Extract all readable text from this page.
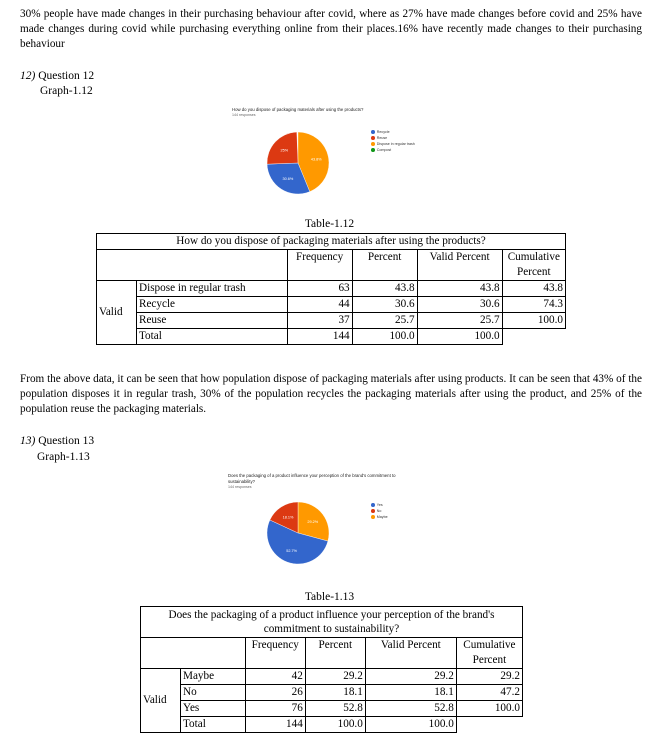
30% people have made changes in their purchasing behaviour after covid, where as 27% have made changes before covid and 25% have made changes during covid while purchasing everything online from their places.16% have recently made changes to their purchasing behaviour
12) Question 12
Graph-1.12
How do you dispose of packaging materials after using the products?
144 responses
43.8%
30.6%
25%
Recycle
Reuse
Dispose in regular trash
Compost
Table-1.12
How do you dispose of packaging materials after using the products?					
		Frequency	Percent	Valid Percent	Cumulative
					Percent
Valid	Dispose in regular trash	63	43.8	43.8	43.8
	Recycle	44	30.6	30.6	74.3
	Reuse	37	25.7	25.7	100.0
	Total	144	100.0	100.0	
From the above data, it can be seen that how population dispose of packaging materials after using products. It can be seen that 43% of the population disposes it in regular trash, 30% of the population recycles the packaging materials after using the product, and 25% of the population reuse the packaging materials.
13) Question 13
Graph-1.13
Does the packaging of a product influence your perception of the brand's commitment to
sustainability?
144 responses
29.2%
52.7%
18.1%
Yes
No
Maybe
Table-1.13
Does the packaging of a product influence your perception of the brand's
commitment to sustainability?					
		Frequency	Percent	Valid Percent	Cumulative
					Percent
Valid	Maybe	42	29.2	29.2	29.2
	No	26	18.1	18.1	47.2
	Yes	76	52.8	52.8	100.0
	Total	144	100.0	100.0	
